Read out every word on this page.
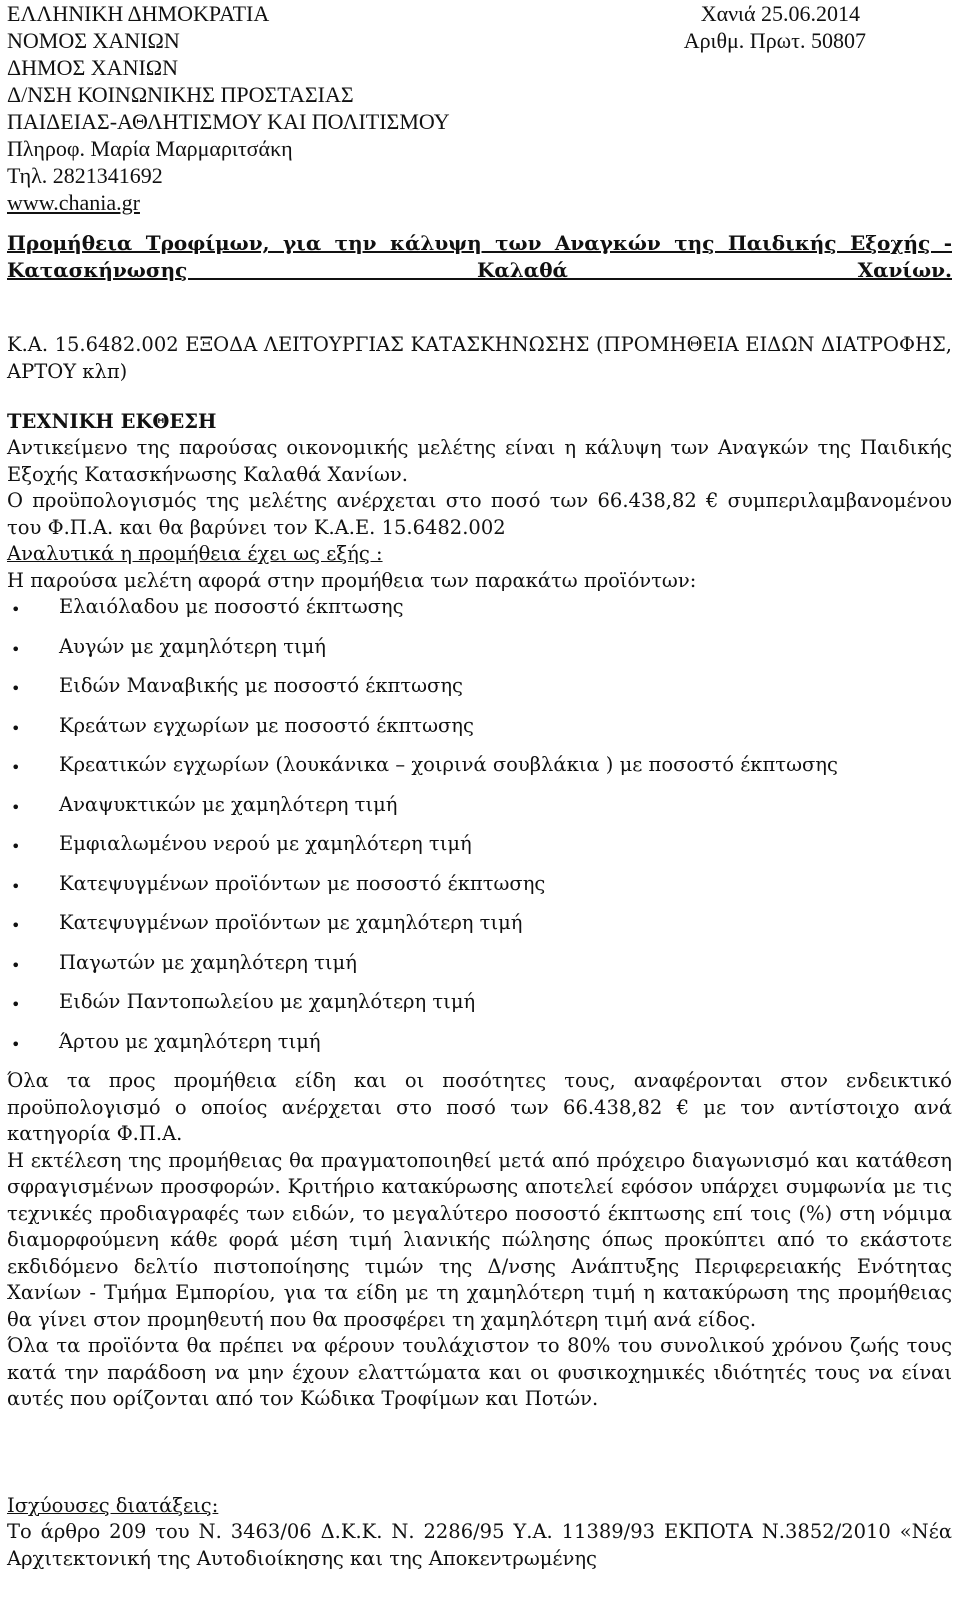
ΕΛΛΗΝΙΚΗ ΔΗΜΟΚΡΑΤΙΑ
ΝΟΜΟΣ ΧΑΝΙΩΝ
ΔΗΜΟΣ ΧΑΝΙΩΝ
Δ/ΝΣΗ ΚΟΙΝΩΝΙΚΗΣ ΠΡΟΣΤΑΣΙΑΣ
ΠΑΙΔΕΙΑΣ-ΑΘΛΗΤΙΣΜΟΥ ΚΑΙ ΠΟΛΙΤΙΣΜΟΥ
Πληροφ. Μαρία Μαρμαριτσάκη
Τηλ. 2821341692
www.chania.gr
Χανιά 25.06.2014
Αριθμ. Πρωτ. 50807
Προμήθεια Τροφίμων, για την κάλυψη των Αναγκών της Παιδικής Εξοχής - Κατασκήνωσης Καλαθά Χανίων.
Κ.Α. 15.6482.002 ΕΞΟΔΑ ΛΕΙΤΟΥΡΓΙΑΣ ΚΑΤΑΣΚΗΝΩΣΗΣ (ΠΡΟΜΗΘΕΙΑ ΕΙΔΩΝ ΔΙΑΤΡΟΦΗΣ, ΑΡΤΟΥ κλπ)
ΤΕΧΝΙΚΗ ΕΚΘΕΣΗ

Αντικείμενο της παρούσας οικονομικής μελέτης είναι η κάλυψη των Αναγκών της Παιδικής Εξοχής Κατασκήνωσης Καλαθά Χανίων.

Ο προϋπολογισμός της μελέτης ανέρχεται στο ποσό των 66.438,82 € συμπεριλαμβανομένου του Φ.Π.Α. και θα βαρύνει τον Κ.Α.Ε. 15.6482.002

Αναλυτικά η προμήθεια έχει ως εξής :

Η παρούσα μελέτη αφορά στην προμήθεια των παρακάτω προϊόντων:

• Ελαιόλαδου με ποσοστό έκπτωσης
• Αυγών με χαμηλότερη τιμή
• Ειδών Μαναβικής με ποσοστό έκπτωσης
• Κρεάτων εγχωρίων με ποσοστό έκπτωσης
• Κρεατικών εγχωρίων (λουκάνικα – χοιρινά σουβλάκια ) με ποσοστό έκπτωσης
• Αναψυκτικών με χαμηλότερη τιμή
• Εμφιαλωμένου νερού με χαμηλότερη τιμή
• Κατεψυγμένων προϊόντων με ποσοστό έκπτωσης
• Κατεψυγμένων προϊόντων με χαμηλότερη τιμή
• Παγωτών με χαμηλότερη τιμή
• Ειδών Παντοπωλείου με χαμηλότερη τιμή
• Άρτου με χαμηλότερη τιμή

Όλα τα προς προμήθεια είδη και οι ποσότητες τους, αναφέρονται στον ενδεικτικό προϋπολογισμό ο οποίος ανέρχεται στο ποσό των 66.438,82 € με τον αντίστοιχο ανά κατηγορία Φ.Π.Α.

Η εκτέλεση της προμήθειας θα πραγματοποιηθεί μετά από πρόχειρο διαγωνισμό και κατάθεση σφραγισμένων προσφορών. Κριτήριο κατακύρωσης αποτελεί εφόσον υπάρχει συμφωνία με τις τεχνικές προδιαγραφές των ειδών, το μεγαλύτερο ποσοστό έκπτωσης επί τοις (%) στη νόμιμα διαμορφούμενη κάθε φορά μέση τιμή λιανικής πώλησης όπως προκύπτει από το εκάστοτε εκδιδόμενο δελτίο πιστοποίησης τιμών της Δ/νσης Ανάπτυξης Περιφερειακής Ενότητας Χανίων - Τμήμα Εμπορίου, για τα είδη με τη χαμηλότερη τιμή η κατακύρωση της προμήθειας θα γίνει στον προμηθευτή που θα προσφέρει τη χαμηλότερη τιμή ανά είδος.

Όλα τα προϊόντα θα πρέπει να φέρουν τουλάχιστον το 80% του συνολικού χρόνου ζωής τους κατά την παράδοση να μην έχουν ελαττώματα και οι φυσικοχημικές ιδιότητές τους να είναι αυτές που ορίζονται από τον Κώδικα Τροφίμων και Ποτών.

Ισχύουσες διατάξεις:

Το άρθρο 209 του Ν. 3463/06 Δ.Κ.Κ. Ν. 2286/95 Υ.Α. 11389/93 ΕΚΠΟΤΑ Ν.3852/2010 «Νέα Αρχιτεκτονική της Αυτοδιοίκησης και της Αποκεντρωμένης
